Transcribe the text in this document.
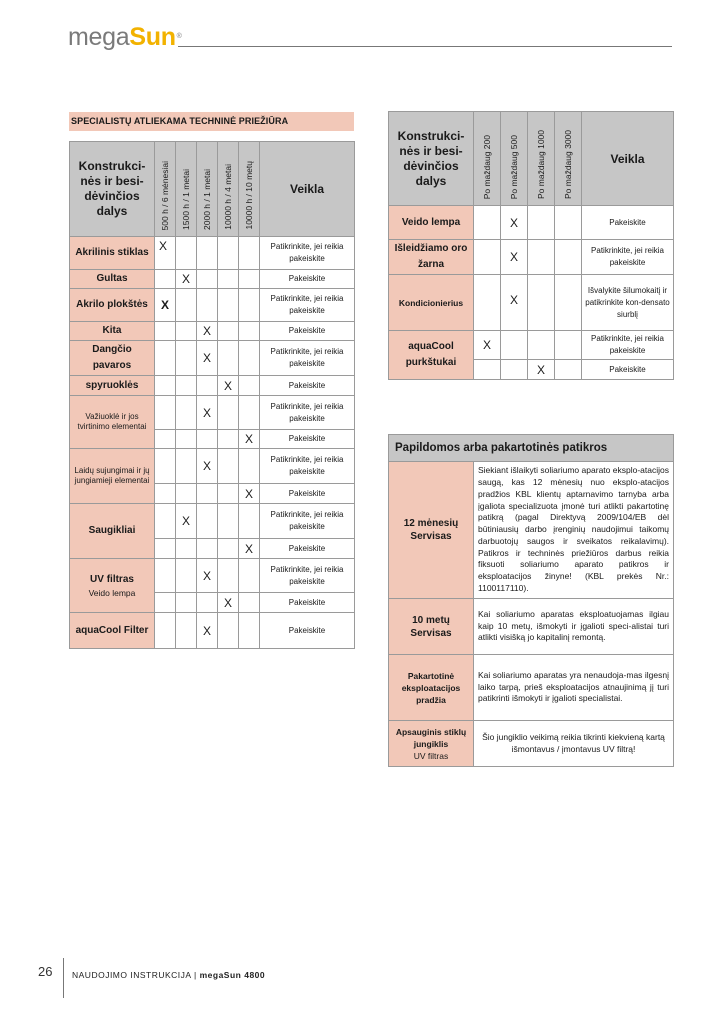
megaSun®
SPECIALISTŲ ATLIEKAMA TECHNINĖ PRIEŽIŪRA
Konstrukci-nės ir besi-dėvinčios dalys	500 h / 6 mėnesiai	1500 h / 1 metai	2000 h / 1 metai	10000 h / 4 metai	10000 h / 10 metų	Veikla
Akrilinis stiklas	X					Patikrinkite, jei reikia pakeiskite
Gultas		X				Pakeiskite
Akrilo plokštės	X					Patikrinkite, jei reikia pakeiskite
Kita			X			Pakeiskite
Dangčio pavaros			X			Patikrinkite, jei reikia pakeiskite
spyruoklės				X		Pakeiskite
Važiuoklė ir jos tvirtinimo elementai			X			Patikrinkite, jei reikia pakeiskite
					X	Pakeiskite
Laidų sujungimai ir jų jungiamieji elementai			X			Patikrinkite, jei reikia pakeiskite
					X	Pakeiskite
Saugikliai		X				Patikrinkite, jei reikia pakeiskite
					X	Pakeiskite
UV filtras
Veido lempa			X			Patikrinkite, jei reikia pakeiskite
				X		Pakeiskite
aquaCool Filter			X			Pakeiskite
Konstrukci-nės ir besi-dėvinčios dalys	Po maždaug 200	Po maždaug 500	Po maždaug 1000	Po maždaug 3000	Veikla
Veido lempa		X			Pakeiskite
Išleidžiamo oro žarna		X			Patikrinkite, jei reikia pakeiskite
Kondicionierius		X			Išvalykite šilumokaitį ir patikrinkite kon-densato siurblį
aquaCool purkštukai	X				Patikrinkite, jei reikia pakeiskite
			X		Pakeiskite
Papildomos arba pakartotinės patikros	
12 mėnesių Servisas	Siekiant išlaikyti soliariumo aparato eksplo-atacijos saugą, kas 12 mėnesių nuo eksplo-atacijos pradžios KBL klientų aptarnavimo tarnyba arba įgaliota specializuota įmonė turi atlikti pakartotinę patikrą (pagal Direktyvą 2009/104/EB dėl būtiniausių darbo įrenginių naudojimui taikomų darbuotojų saugos ir sveikatos reikalavimų). Patikros ir techninės priežiūros darbus reikia fiksuoti soliariumo aparato patikros ir eksploatacijos žinyne! (KBL prekės Nr.: 1100117110).
10 metų Servisas	Kai soliariumo aparatas eksploatuojamas ilgiau kaip 10 metų, išmokyti ir įgalioti speci-alistai turi atlikti visišką jo kapitalinį remontą.
Pakartotinė eksploatacijos pradžia	Kai soliariumo aparatas yra nenaudoja-mas ilgesnį laiko tarpą, prieš eksploatacijos atnaujinimą jį turi patikrinti išmokyti ir įgalioti specialistai.
Apsauginis stiklų jungiklis
UV filtras	Šio jungiklio veikimą reikia tikrinti kiekvieną kartą išmontavus / įmontavus UV filtrą!
26 NAUDOJIMO INSTRUKCIJA | megaSun 4800
